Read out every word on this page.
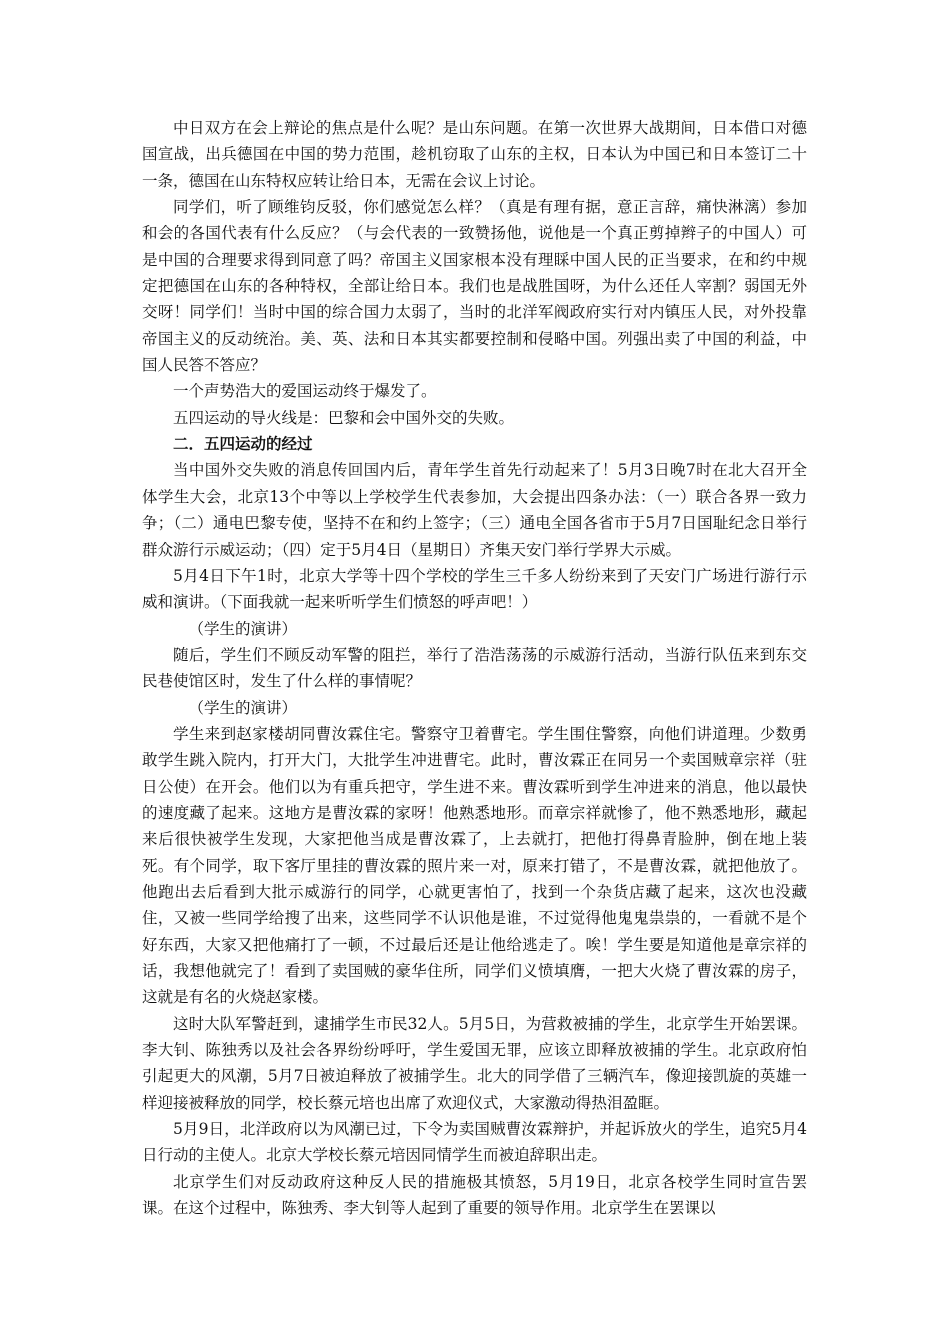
中日双方在会上辩论的焦点是什么呢？是山东问题。在第一次世界大战期间，日本借口对德国宣战，出兵德国在中国的势力范围，趁机窃取了山东的主权，日本认为中国已和日本签订二十一条，德国在山东特权应转让给日本，无需在会议上讨论。

同学们，听了顾维钧反驳，你们感觉怎么样？（真是有理有据，意正言辞，痛快淋漓）参加和会的各国代表有什么反应？（与会代表的一致赞扬他，说他是一个真正剪掉辫子的中国人）可是中国的合理要求得到同意了吗？帝国主义国家根本没有理睬中国人民的正当要求，在和约中规定把德国在山东的各种特权，全部让给日本。我们也是战胜国呀，为什么还任人宰割？弱国无外交呀！同学们！当时中国的综合国力太弱了，当时的北洋军阀政府实行对内镇压人民，对外投靠帝国主义的反动统治。美、英、法和日本其实都要控制和侵略中国。列强出卖了中国的利益，中国人民答不答应？

一个声势浩大的爱国运动终于爆发了。

五四运动的导火线是：巴黎和会中国外交的失败。

二．五四运动的经过

当中国外交失败的消息传回国内后，青年学生首先行动起来了！5月3日晚7时在北大召开全体学生大会，北京13个中等以上学校学生代表参加，大会提出四条办法：（一）联合各界一致力争；（二）通电巴黎专使，坚持不在和约上签字；（三）通电全国各省市于5月7日国耻纪念日举行群众游行示威运动；（四）定于5月4日（星期日）齐集天安门举行学界大示威。

5月4日下午1时，北京大学等十四个学校的学生三千多人纷纷来到了天安门广场进行游行示威和演讲。（下面我就一起来听听学生们愤怒的呼声吧！）

（学生的演讲）

随后，学生们不顾反动军警的阻拦，举行了浩浩荡荡的示威游行活动，当游行队伍来到东交民巷使馆区时，发生了什么样的事情呢？

（学生的演讲）

学生来到赵家楼胡同曹汝霖住宅。警察守卫着曹宅。学生围住警察，向他们讲道理。少数勇敢学生跳入院内，打开大门，大批学生冲进曹宅。此时，曹汝霖正在同另一个卖国贼章宗祥（驻日公使）在开会。他们以为有重兵把守，学生进不来。曹汝霖听到学生冲进来的消息，他以最快的速度藏了起来。这地方是曹汝霖的家呀！他熟悉地形。而章宗祥就惨了，他不熟悉地形，藏起来后很快被学生发现，大家把他当成是曹汝霖了，上去就打，把他打得鼻青脸肿，倒在地上装死。有个同学，取下客厅里挂的曹汝霖的照片来一对，原来打错了，不是曹汝霖，就把他放了。他跑出去后看到大批示威游行的同学，心就更害怕了，找到一个杂货店藏了起来，这次也没藏住，又被一些同学给搜了出来，这些同学不认识他是谁，不过觉得他鬼鬼祟祟的，一看就不是个好东西，大家又把他痛打了一顿，不过最后还是让他给逃走了。唉！学生要是知道他是章宗祥的话，我想他就完了！看到了卖国贼的豪华住所，同学们义愤填膺，一把大火烧了曹汝霖的房子，这就是有名的火烧赵家楼。

这时大队军警赶到，逮捕学生市民32人。5月5日，为营救被捕的学生，北京学生开始罢课。李大钊、陈独秀以及社会各界纷纷呼吁，学生爱国无罪，应该立即释放被捕的学生。北京政府怕引起更大的风潮，5月7日被迫释放了被捕学生。北大的同学借了三辆汽车，像迎接凯旋的英雄一样迎接被释放的同学，校长蔡元培也出席了欢迎仪式，大家激动得热泪盈眶。

5月9日，北洋政府以为风潮已过，下令为卖国贼曹汝霖辩护，并起诉放火的学生，追究5月4日行动的主使人。北京大学校长蔡元培因同情学生而被迫辞职出走。

北京学生们对反动政府这种反人民的措施极其愤怒，5月19日，北京各校学生同时宣告罢课。在这个过程中，陈独秀、李大钊等人起到了重要的领导作用。北京学生在罢课以
